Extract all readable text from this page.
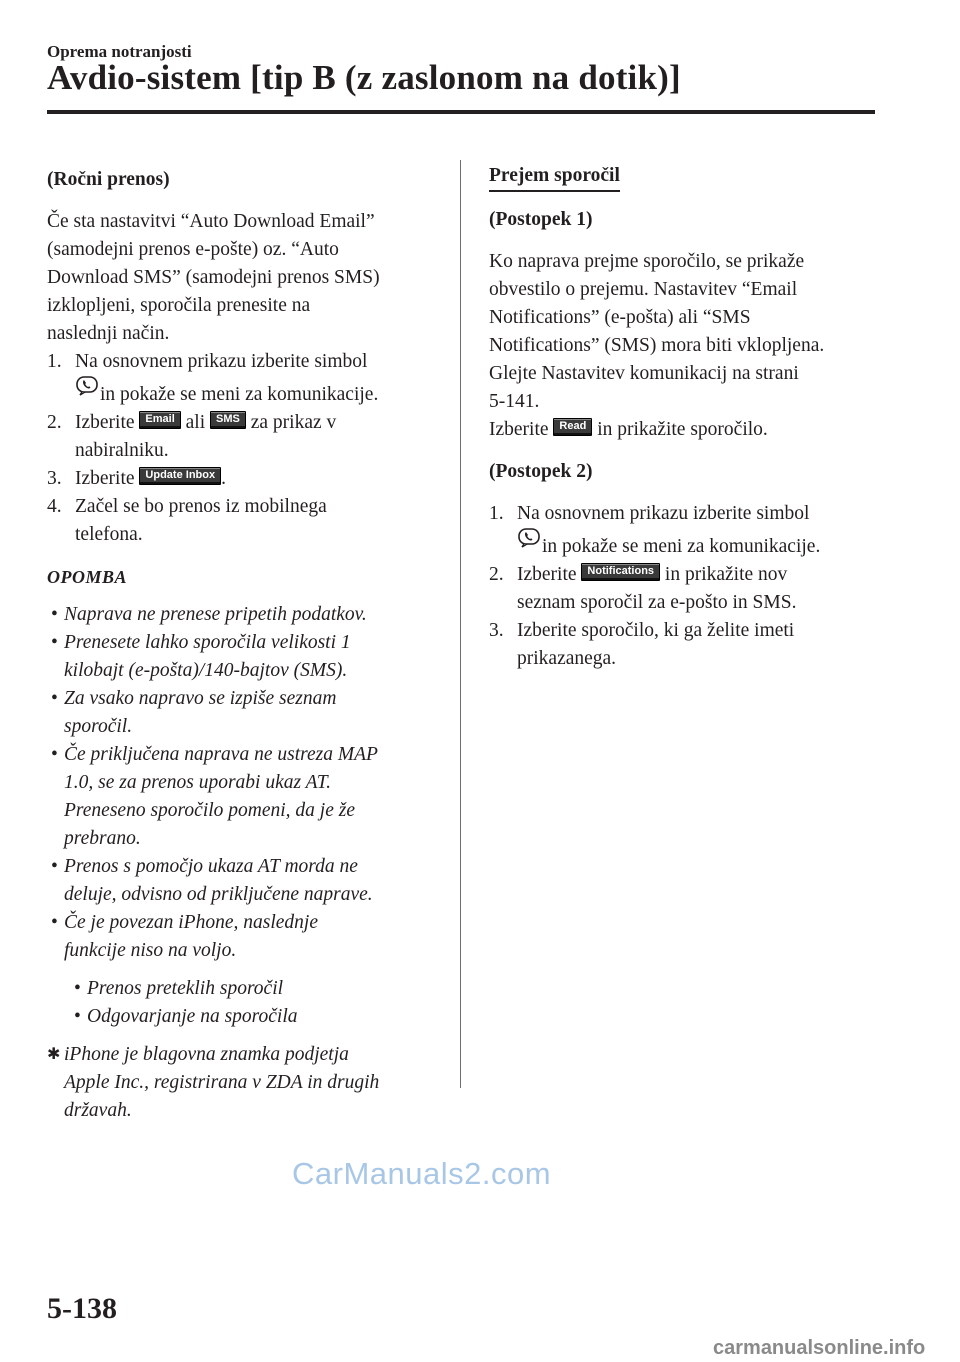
Oprema notranjosti
Avdio-sistem [tip B (z zaslonom na dotik)]

(Ročni prenos)

Če sta nastavitvi “Auto Download Email”

(samodejni prenos e-pošte) oz. “Auto

Download SMS” (samodejni prenos SMS)

izklopljeni, sporočila prenesite na

naslednji način.

1. Na osnovnem prikazu izberite simbol

in pokaže se meni za komunikacije.

2. Izberite Email ali SMS za prikaz v

nabiralniku.

3. Izberite Update Inbox .

4. Začel se bo prenos iz mobilnega

telefona.

OPOMBA

• Naprava ne prenese pripetih podatkov.

• Prenesete lahko sporočila velikosti 1

kilobajt (e-pošta)/140-bajtov (SMS).

• Za vsako napravo se izpiše seznam

sporočil.

• Če priključena naprava ne ustreza MAP

1.0, se za prenos uporabi ukaz AT.

Preneseno sporočilo pomeni, da je že

prebrano.

• Prenos s pomočjo ukaza AT morda ne

deluje, odvisno od priključene naprave.

• Če je povezan iPhone, naslednje

funkcije niso na voljo.

• Prenos preteklih sporočil

• Odgovarjanje na sporočila

✱ iPhone je blagovna znamka podjetja

Apple Inc., registrirana v ZDA in drugih

državah.

Prejem sporočil

(Postopek 1)

Ko naprava prejme sporočilo, se prikaže

obvestilo o prejemu. Nastavitev “Email

Notifications” (e-pošta) ali “SMS

Notifications” (SMS) mora biti vklopljena.

Glejte Nastavitev komunikacij na strani

5-141.

Izberite Read in prikažite sporočilo.

(Postopek 2)

1. Na osnovnem prikazu izberite simbol

in pokaže se meni za komunikacije.

2. Izberite Notifications in prikažite nov

seznam sporočil za e-pošto in SMS.

3. Izberite sporočilo, ki ga želite imeti

prikazanega.

CarManuals2.com
5-138
carmanualsonline.info
